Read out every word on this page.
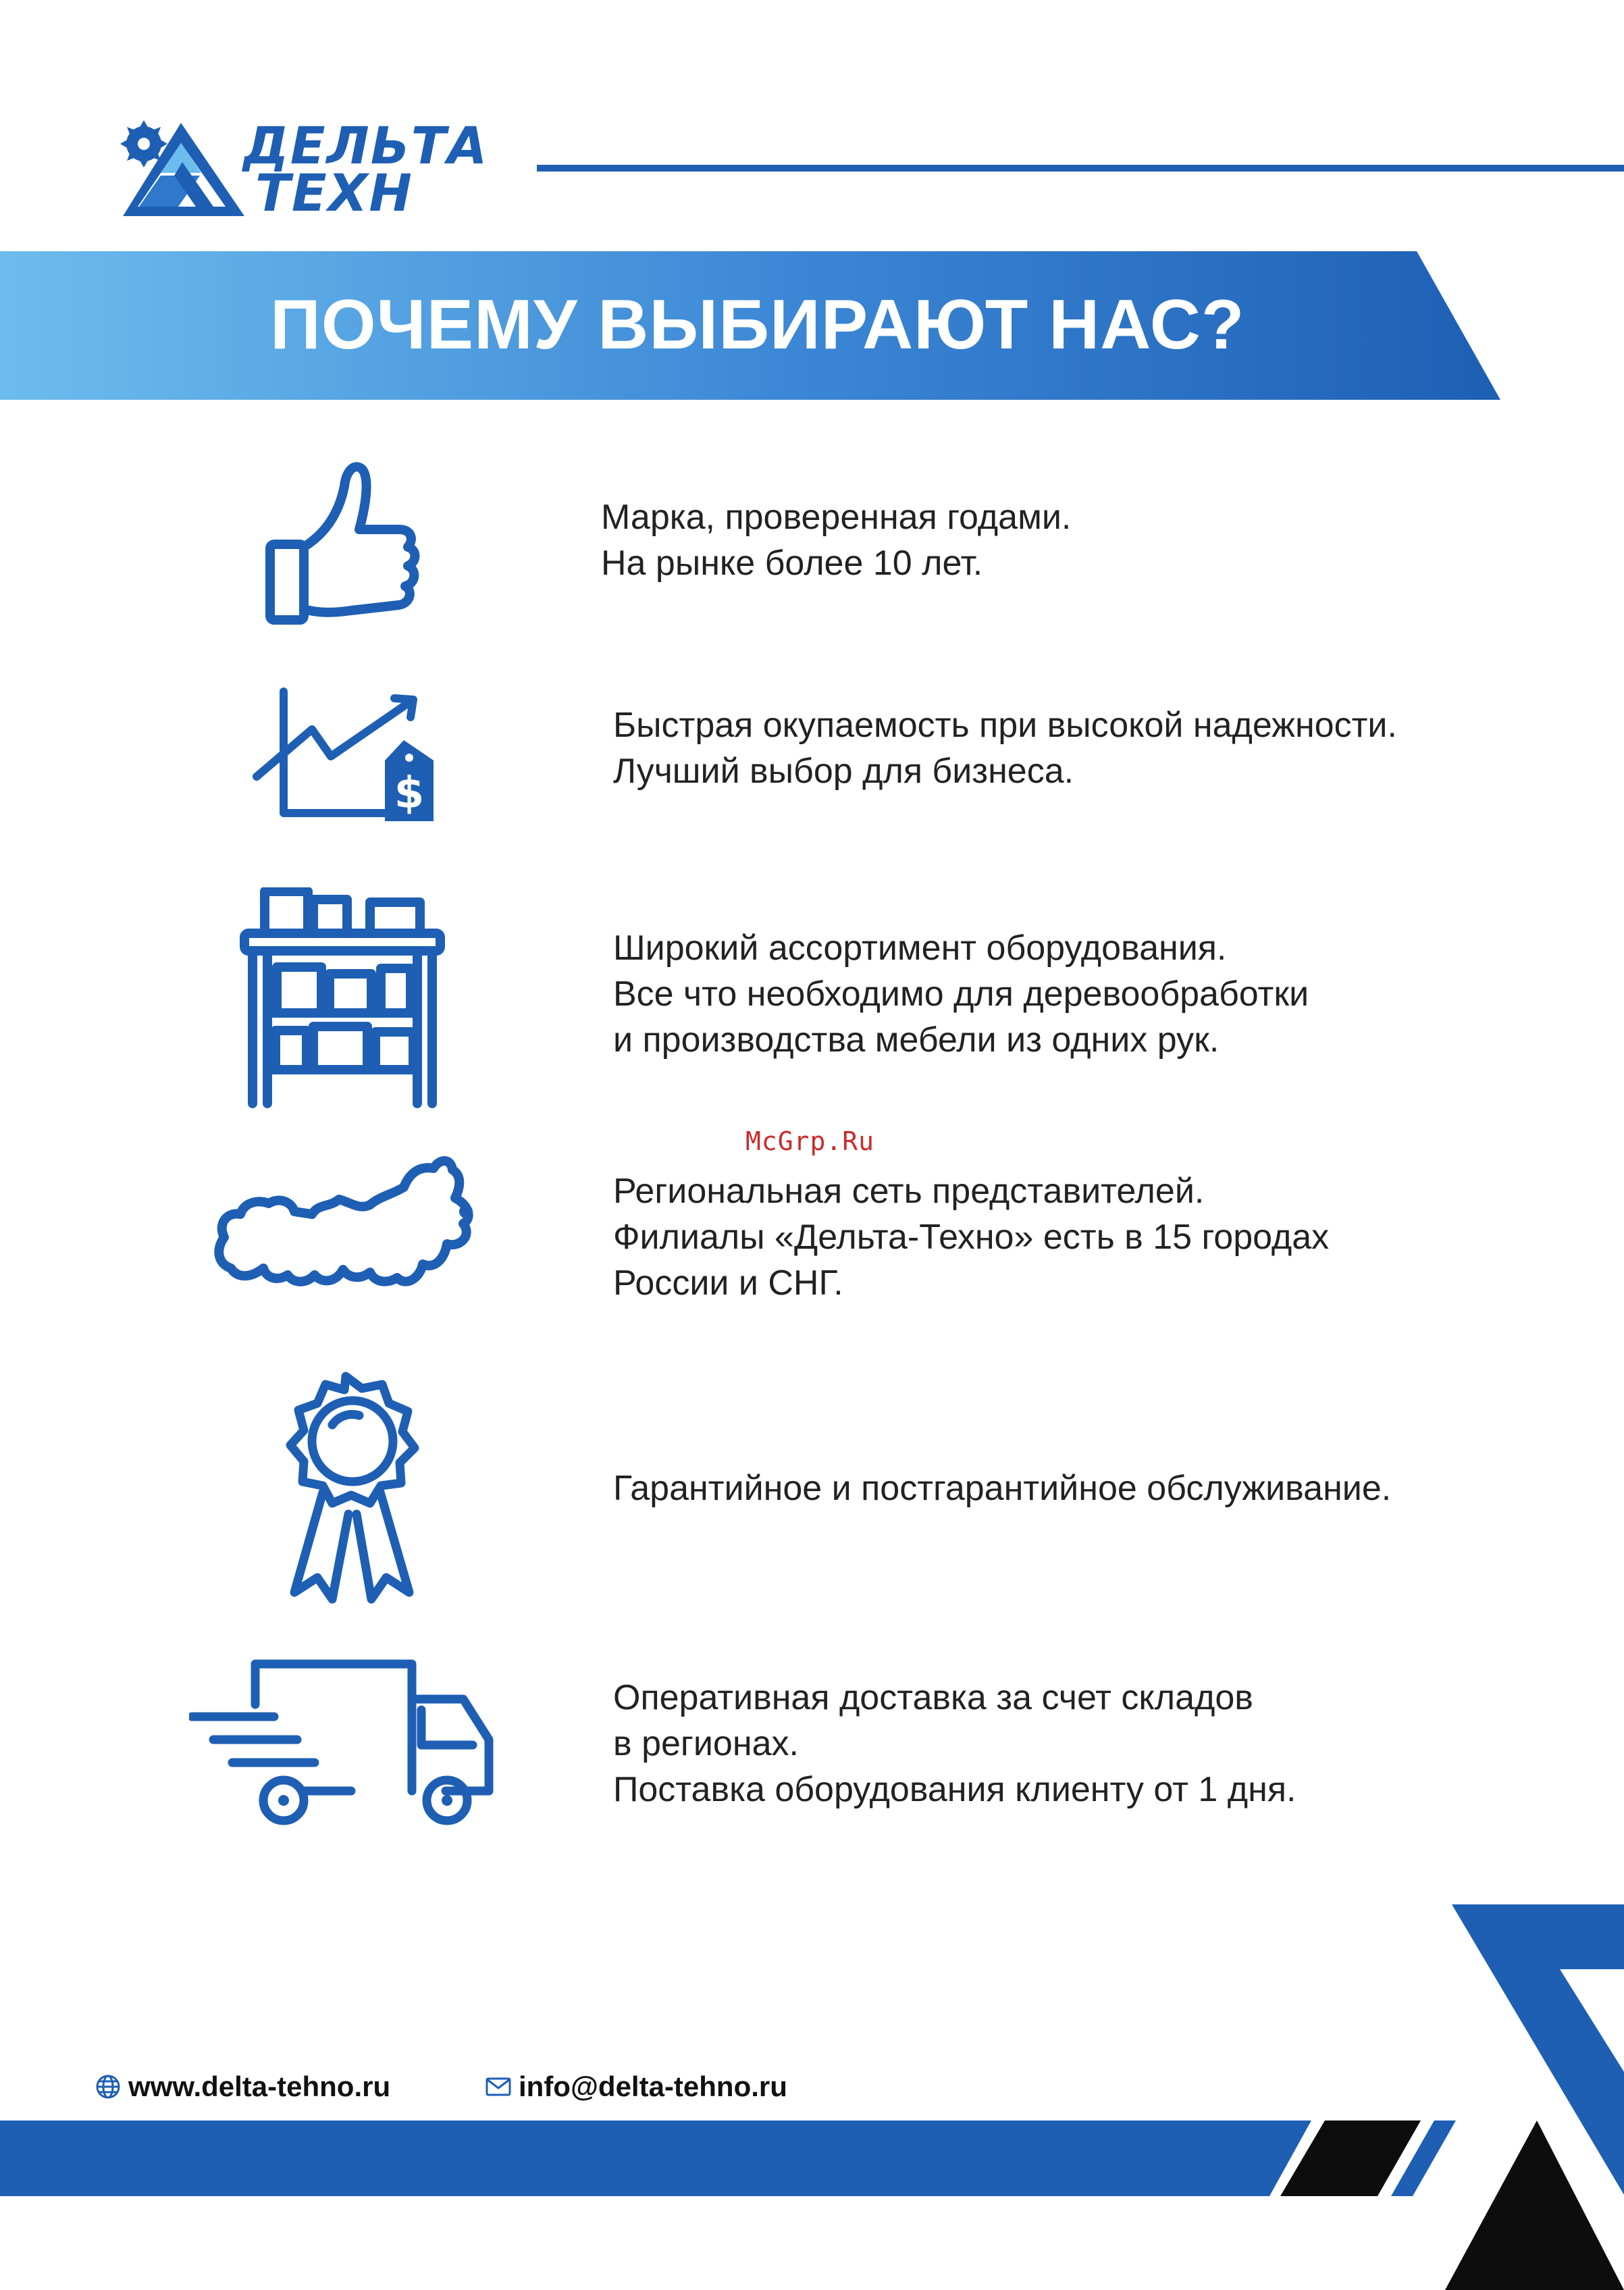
ДЕЛЬТА
ТЕХН
ПОЧЕМУ ВЫБИРАЮТ НАС?
Марка, проверенная годами.
На рынке более 10 лет.
$
Быстрая окупаемость при высокой надежности.
Лучший выбор для бизнеса.
Широкий ассортимент оборудования.
Все что необходимо для деревообработки
и производства мебели из одних рук.
Региональная сеть представителей.
Филиалы «Дельта-Техно» есть в 15 городах
России и СНГ.
Гарантийное и постгарантийное обслуживание.
Оперативная доставка за счет складов
в регионах.
Поставка оборудования клиенту от 1 дня.
McGrp.Ru
www.delta-tehno.ru	info@delta-tehno.ru
